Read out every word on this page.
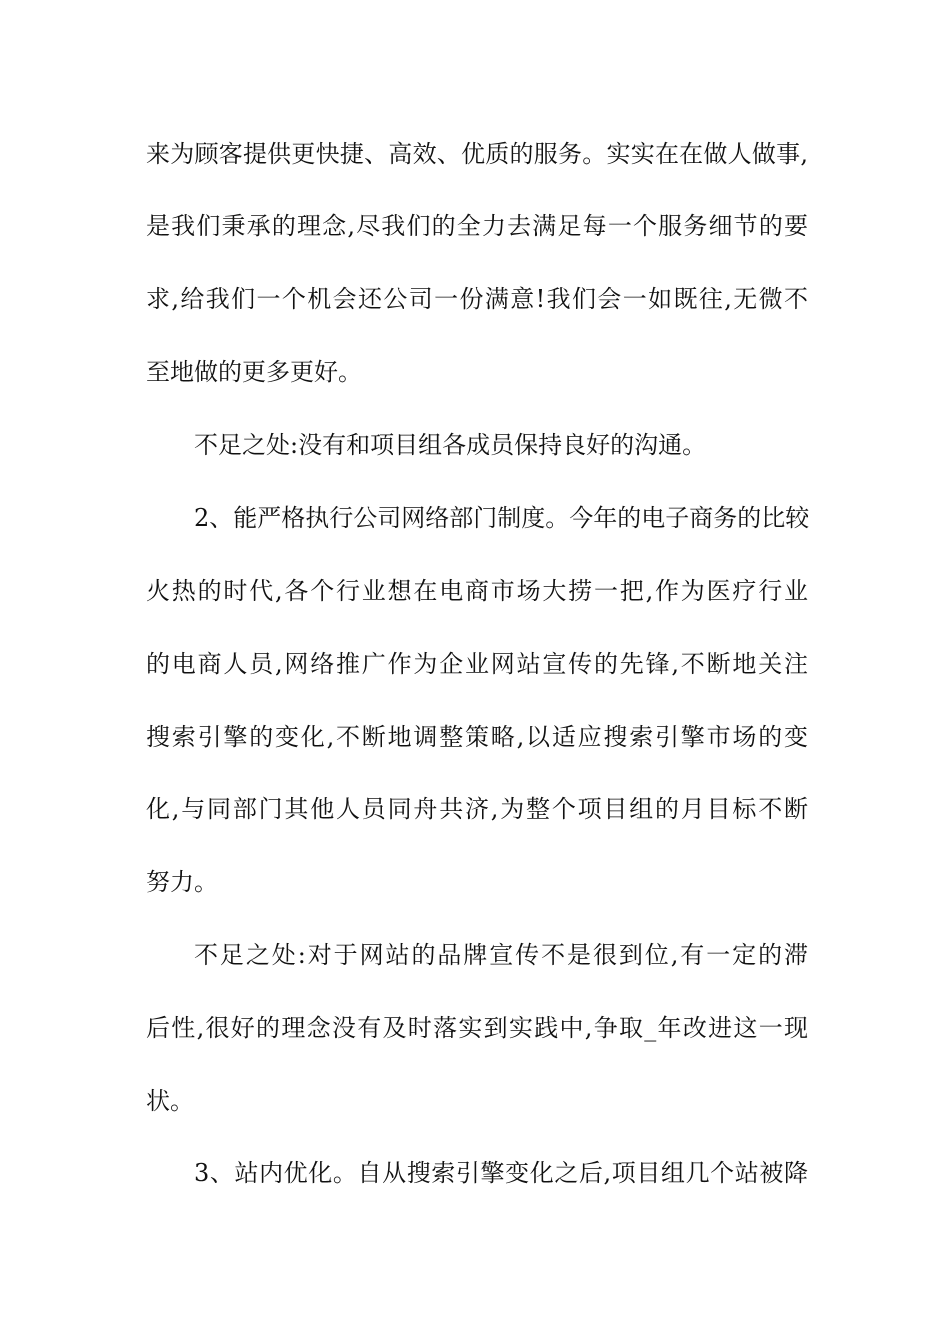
来为顾客提供更快捷、高效、优质的服务。实实在在做人做事,
是我们秉承的理念,尽我们的全力去满足每一个服务细节的要
求,给我们一个机会还公司一份满意!我们会一如既往,无微不
至地做的更多更好。
不足之处:没有和项目组各成员保持良好的沟通。
2、能严格执行公司网络部门制度。今年的电子商务的比较
火热的时代,各个行业想在电商市场大捞一把,作为医疗行业
的电商人员,网络推广作为企业网站宣传的先锋,不断地关注
搜索引擎的变化,不断地调整策略,以适应搜索引擎市场的变
化,与同部门其他人员同舟共济,为整个项目组的月目标不断
努力。
不足之处:对于网站的品牌宣传不是很到位,有一定的滞
后性,很好的理念没有及时落实到实践中,争取_年改进这一现
状。
3、站内优化。自从搜索引擎变化之后,项目组几个站被降
